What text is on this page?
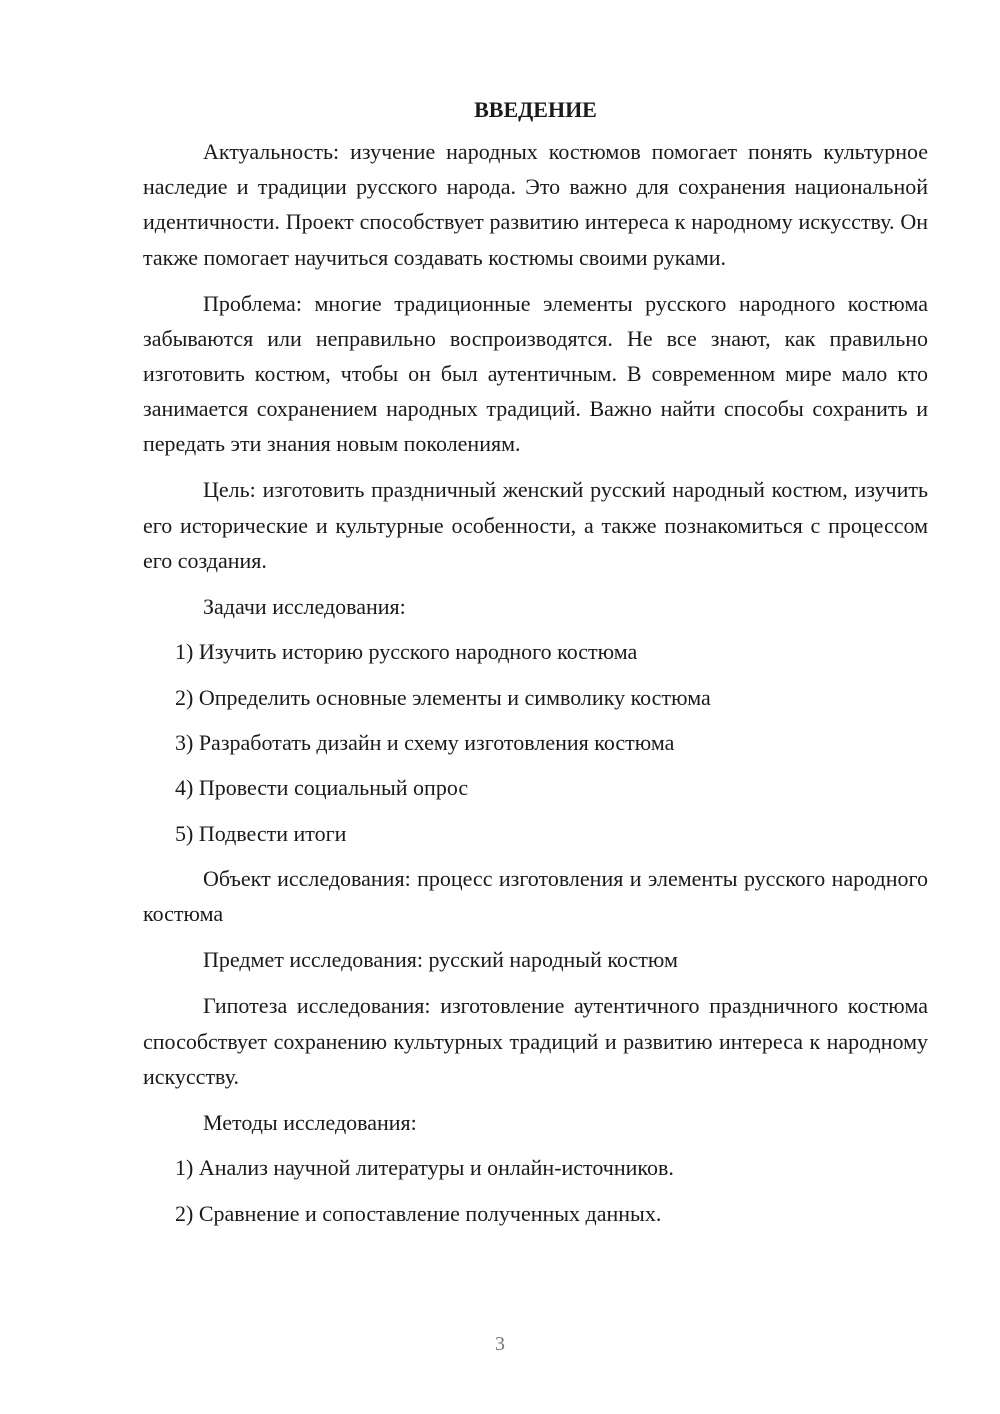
ВВЕДЕНИЕ

Актуальность: изучение народных костюмов помогает понять культурное наследие и традиции русского народа. Это важно для сохранения национальной идентичности. Проект способствует развитию интереса к народному искусству. Он также помогает научиться создавать костюмы своими руками.

Проблема: многие традиционные элементы русского народного костюма забываются или неправильно воспроизводятся. Не все знают, как правильно изготовить костюм, чтобы он был аутентичным. В современном мире мало кто занимается сохранением народных традиций. Важно найти способы сохранить и передать эти знания новым поколениям.

Цель: изготовить праздничный женский русский народный костюм, изучить его исторические и культурные особенности, а также познакомиться с процессом его создания.

Задачи исследования:
1) Изучить историю русского народного костюма
2) Определить основные элементы и символику костюма
3) Разработать дизайн и схему изготовления костюма
4) Провести социальный опрос
5) Подвести итоги

Объект исследования: процесс изготовления и элементы русского народного костюма

Предмет исследования: русский народный костюм

Гипотеза исследования: изготовление аутентичного праздничного костюма способствует сохранению культурных традиций и развитию интереса к народному искусству.

Методы исследования:
1) Анализ научной литературы и онлайн-источников.
2) Сравнение и сопоставление полученных данных.
3
